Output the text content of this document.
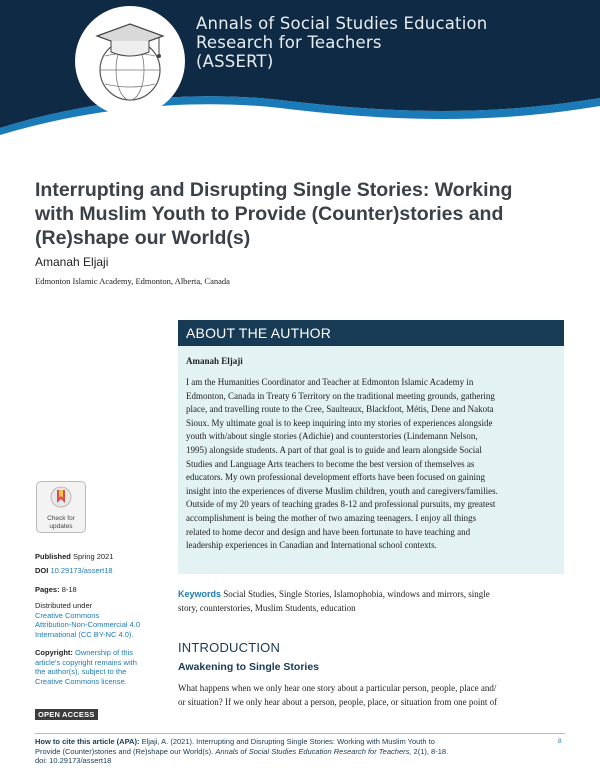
Annals of Social Studies Education
Research for Teachers
(ASSERT)
Interrupting and Disrupting Single Stories: Working
with Muslim Youth to Provide (Counter)stories and
(Re)shape our World(s)
Amanah Eljaji
Edmonton Islamic Academy, Edmonton, Alberta, Canada
Check for
updates
Published Spring 2021
DOI 10.29173/assert18
Pages: 8-18
Distributed under
Creative Commons
Attribution-Non-Commercial 4.0
International (CC BY-NC 4.0).
Copyright: Ownership of this
article's copyright remains with
the author(s), subject to the
Creative Commons license.
OPEN ACCESS
ABOUT THE AUTHOR
Amanah Eljaji
I am the Humanities Coordinator and Teacher at Edmonton Islamic Academy in
Edmonton, Canada in Treaty 6 Territory on the traditional meeting grounds, gathering
place, and travelling route to the Cree, Saulteaux, Blackfoot, Métis, Dene and Nakota
Sioux. My ultimate goal is to keep inquiring into my stories of experiences alongside
youth with/about single stories (Adichie) and counterstories (Lindemann Nelson,
1995) alongside students. A part of that goal is to guide and learn alongside Social
Studies and Language Arts teachers to become the best version of themselves as
educators. My own professional development efforts have been focused on gaining
insight into the experiences of diverse Muslim children, youth and caregivers/families.
Outside of my 20 years of teaching grades 8-12 and professional pursuits, my greatest
accomplishment is being the mother of two amazing teenagers. I enjoy all things
related to home decor and design and have been fortunate to have teaching and
leadership experiences in Canadian and International school contexts.
Keywords Social Studies, Single Stories, Islamophobia, windows and mirrors, single
story, counterstories, Muslim Students, education
INTRODUCTION
Awakening to Single Stories
What happens when we only hear one story about a particular person, people, place and/
or situation? If we only hear about a person, people, place, or situation from one point of
How to cite this article (APA): Eljaji, A. (2021). Interrupting and Disrupting Single Stories: Working with Muslim Youth to
Provide (Counter)stories and (Re)shape our World(s). Annals of Social Studies Education Research for Teachers, 2(1), 8-18.
doi: 10.29173/assert18
8
